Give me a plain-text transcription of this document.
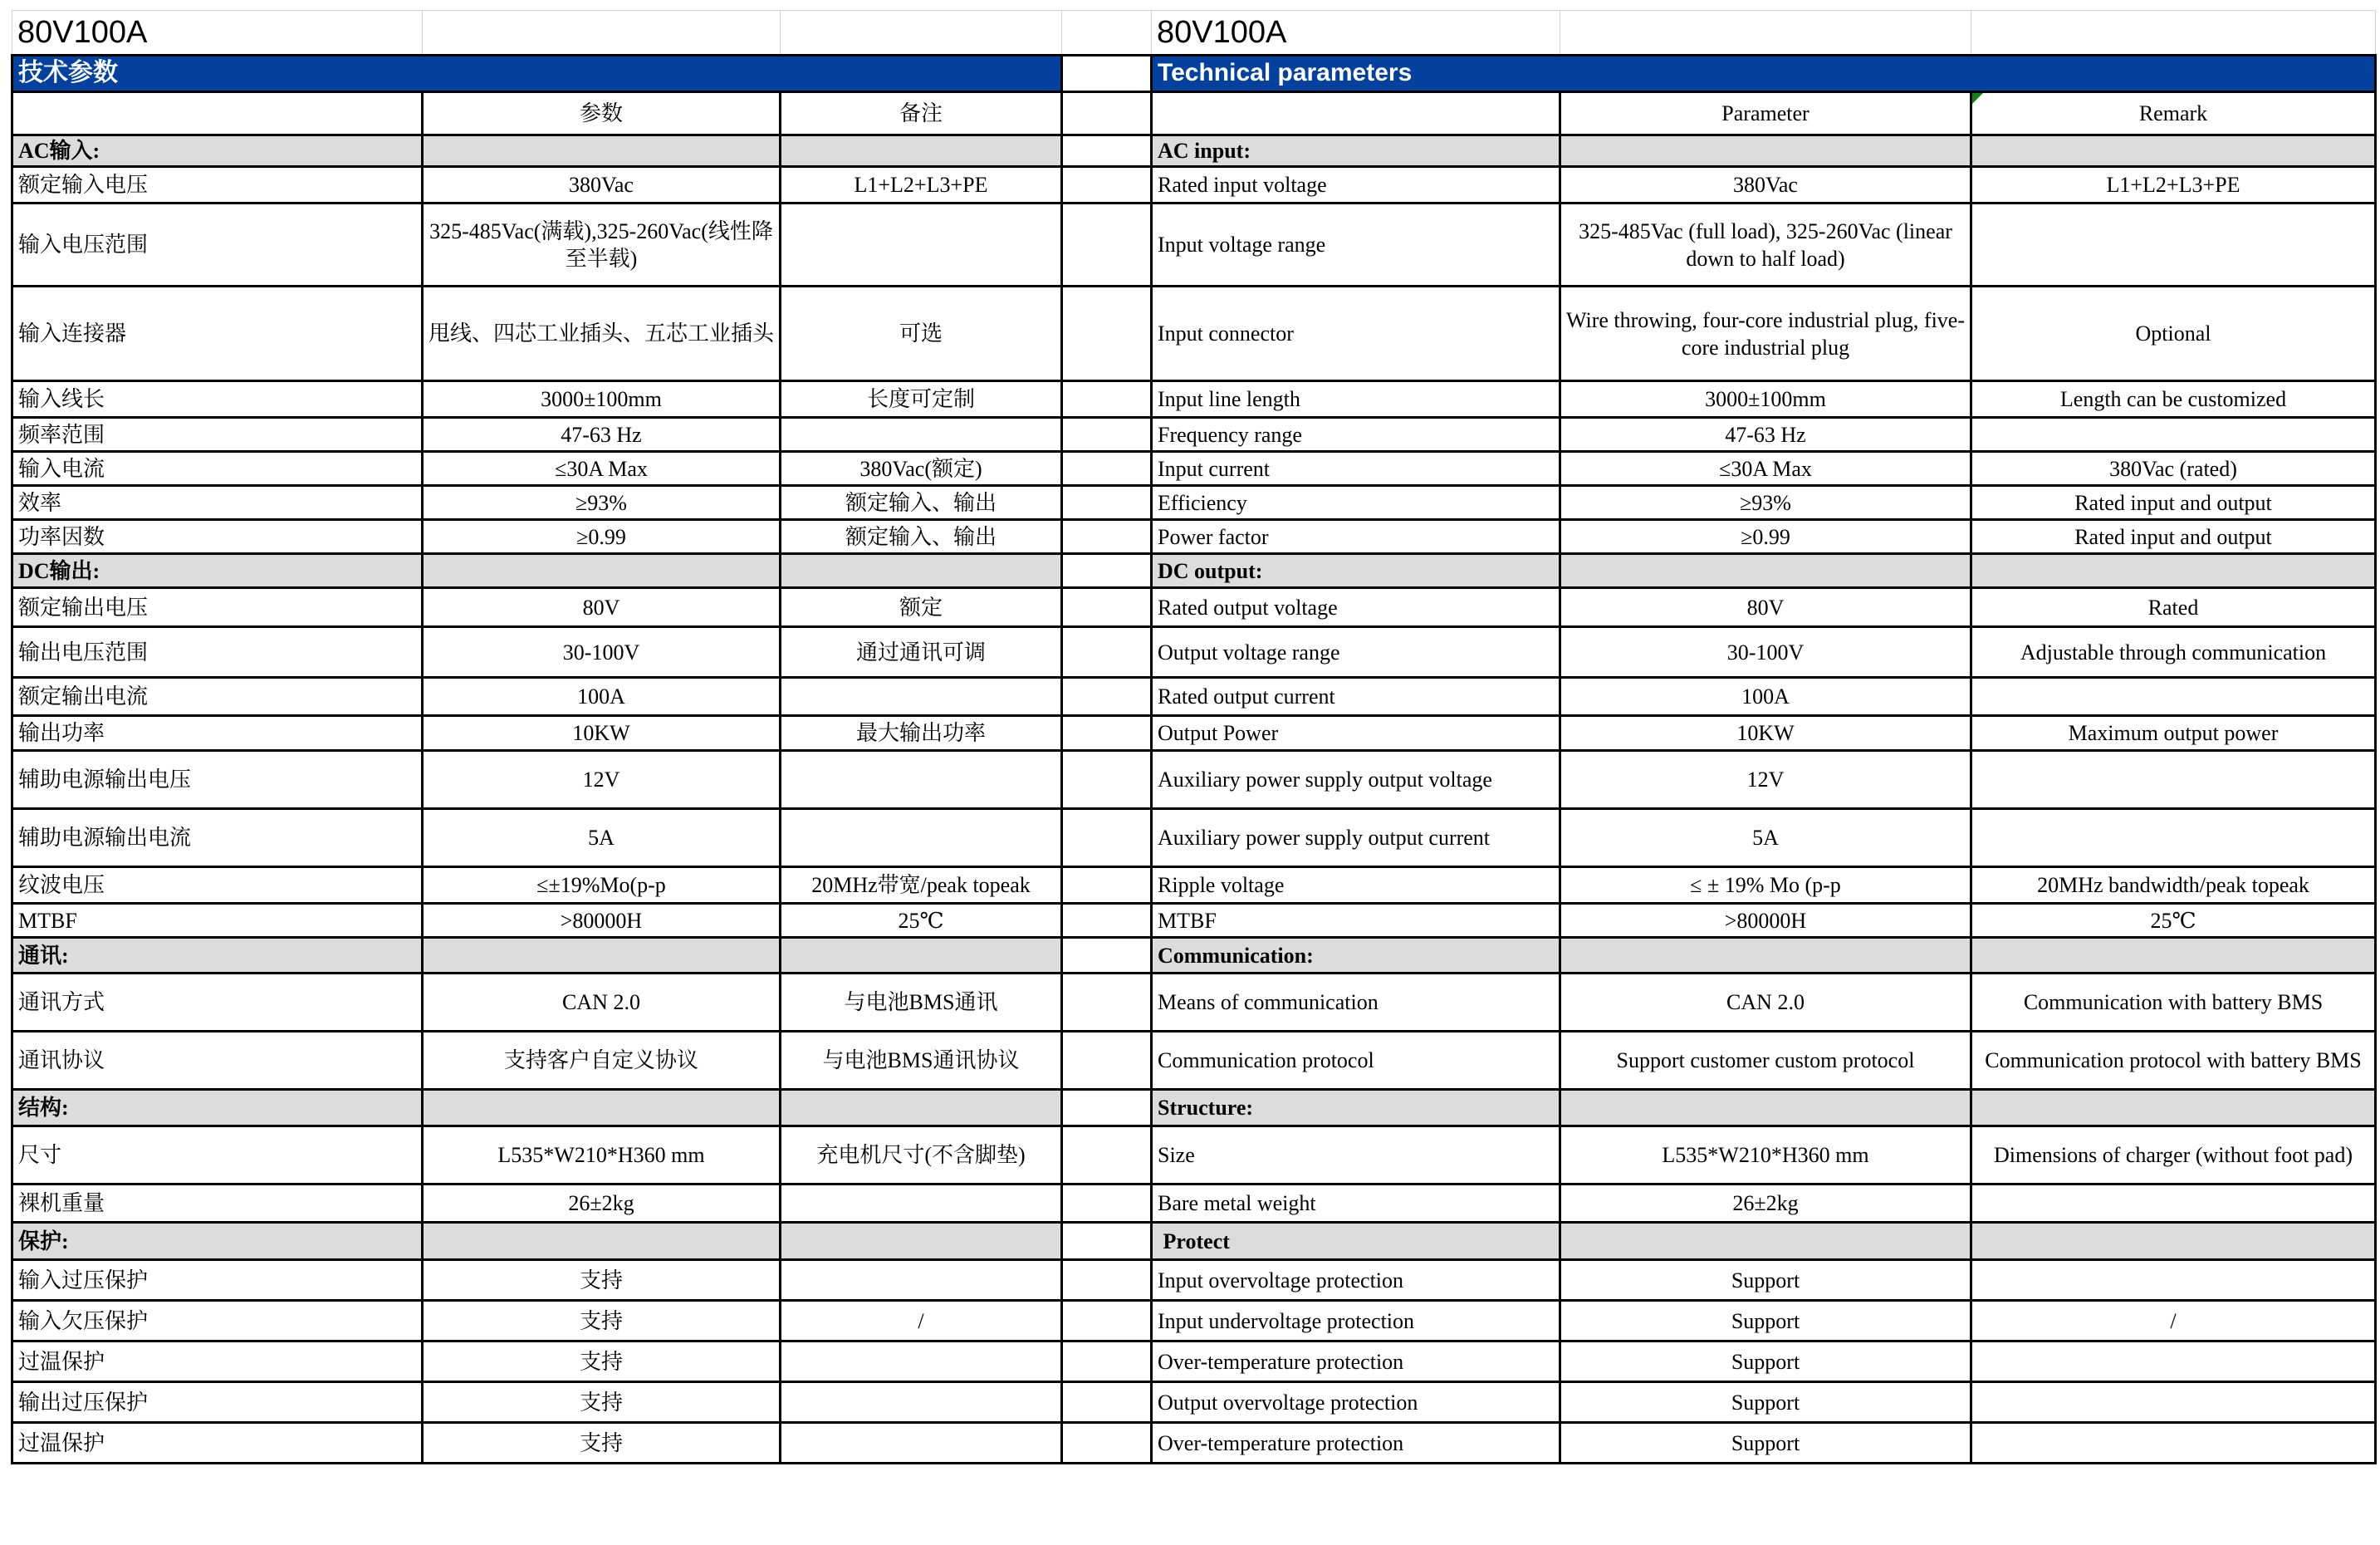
80V100A				80V100A		
技术参数				Technical parameters		
	参数	备注			Parameter	Remark
AC输入:				AC input:		
额定输入电压	380Vac	L1+L2+L3+PE		Rated input voltage	380Vac	L1+L2+L3+PE
输入电压范围	325-485Vac(满载),325-260Vac(线性降至半载)			Input voltage range	325-485Vac (full load), 325-260Vac (linear down to half load)	
输入连接器	甩线、四芯工业插头、五芯工业插头	可选		Input connector	Wire throwing, four-core industrial plug, five-core industrial plug	Optional
输入线长	3000±100mm	长度可定制		Input line length	3000±100mm	Length can be customized
频率范围	47-63 Hz			Frequency range	47-63 Hz	
输入电流	≤30A Max	380Vac(额定)		Input current	≤30A Max	380Vac (rated)
效率	≥93%	额定输入、输出		Efficiency	≥93%	Rated input and output
功率因数	≥0.99	额定输入、输出		Power factor	≥0.99	Rated input and output
DC输出:				DC output:		
额定输出电压	80V	额定		Rated output voltage	80V	Rated
输出电压范围	30-100V	通过通讯可调		Output voltage range	30-100V	Adjustable through communication
额定输出电流	100A			Rated output current	100A	
输出功率	10KW	最大输出功率		Output Power	10KW	Maximum output power
辅助电源输出电压	12V			Auxiliary power supply output voltage	12V	
辅助电源输出电流	5A			Auxiliary power supply output current	5A	
纹波电压	≤±19%Mo(p-p	20MHz带宽/peak topeak		Ripple voltage	≤ ± 19% Mo (p-p	20MHz bandwidth/peak topeak
MTBF	>80000H	25℃		MTBF	>80000H	25℃
通讯:				Communication:		
通讯方式	CAN 2.0	与电池BMS通讯		Means of communication	CAN 2.0	Communication with battery BMS
通讯协议	支持客户自定义协议	与电池BMS通讯协议		Communication protocol	Support customer custom protocol	Communication protocol with battery BMS
结构:				Structure:		
尺寸	L535*W210*H360 mm	充电机尺寸(不含脚垫)		Size	L535*W210*H360 mm	Dimensions of charger (without foot pad)
裸机重量	26±2kg			Bare metal weight	26±2kg	
保护:				Protect		
输入过压保护	支持			Input overvoltage protection	Support	
输入欠压保护	支持	/		Input undervoltage protection	Support	/
过温保护	支持			Over-temperature protection	Support	
输出过压保护	支持			Output overvoltage protection	Support	
过温保护	支持			Over-temperature protection	Support	
